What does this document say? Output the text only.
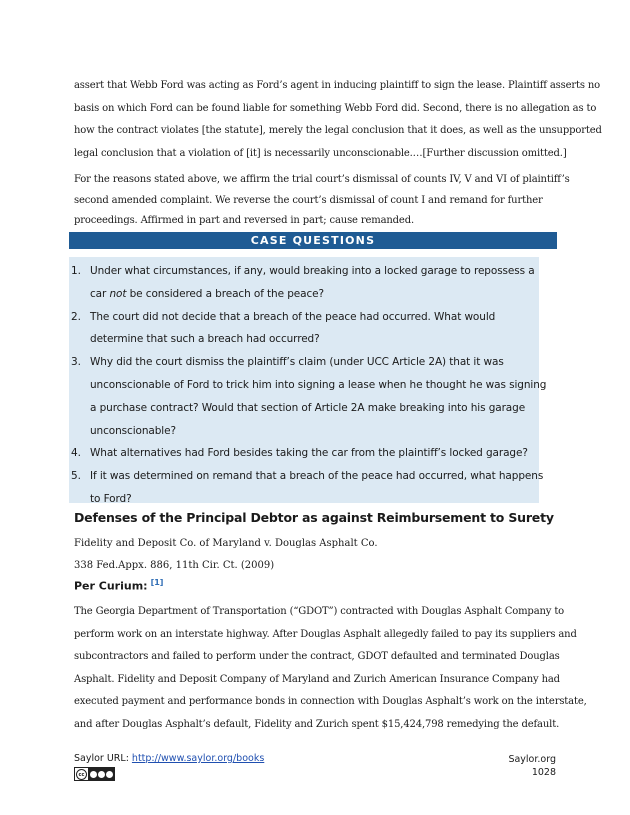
assert that Webb Ford was acting as Ford’s agent in inducing plaintiff to sign the lease. Plaintiff asserts no
basis on which Ford can be found liable for something Webb Ford did. Second, there is no allegation as to
how the contract violates [the statute], merely the legal conclusion that it does, as well as the unsupported
legal conclusion that a violation of [it] is necessarily unconscionable.…[Further discussion omitted.]
For the reasons stated above, we affirm the trial court’s dismissal of counts IV, V and VI of plaintiff’s
second amended complaint. We reverse the court’s dismissal of count I and remand for further
proceedings. Affirmed in part and reversed in part; cause remanded.
CASE QUESTIONS
1. Under what circumstances, if any, would breaking into a locked garage to repossess a
car not be considered a breach of the peace?
2. The court did not decide that a breach of the peace had occurred. What would
determine that such a breach had occurred?
3. Why did the court dismiss the plaintiff’s claim (under UCC Article 2A) that it was
unconscionable of Ford to trick him into signing a lease when he thought he was signing
a purchase contract? Would that section of Article 2A make breaking into his garage
unconscionable?
4. What alternatives had Ford besides taking the car from the plaintiff’s locked garage?
5. If it was determined on remand that a breach of the peace had occurred, what happens
to Ford?
Defenses of the Principal Debtor as against Reimbursement to Surety
Fidelity and Deposit Co. of Maryland v. Douglas Asphalt Co.
338 Fed.Appx. 886, 11th Cir. Ct. (2009)
Per Curium: [1]
The Georgia Department of Transportation (“GDOT”) contracted with Douglas Asphalt Company to
perform work on an interstate highway. After Douglas Asphalt allegedly failed to pay its suppliers and
subcontractors and failed to perform under the contract, GDOT defaulted and terminated Douglas
Asphalt. Fidelity and Deposit Company of Maryland and Zurich American Insurance Company had
executed payment and performance bonds in connection with Douglas Asphalt’s work on the interstate,
and after Douglas Asphalt’s default, Fidelity and Zurich spent $15,424,798 remedying the default.
Saylor URL: http://www.saylor.org/books
cc
Saylor.org
1028
